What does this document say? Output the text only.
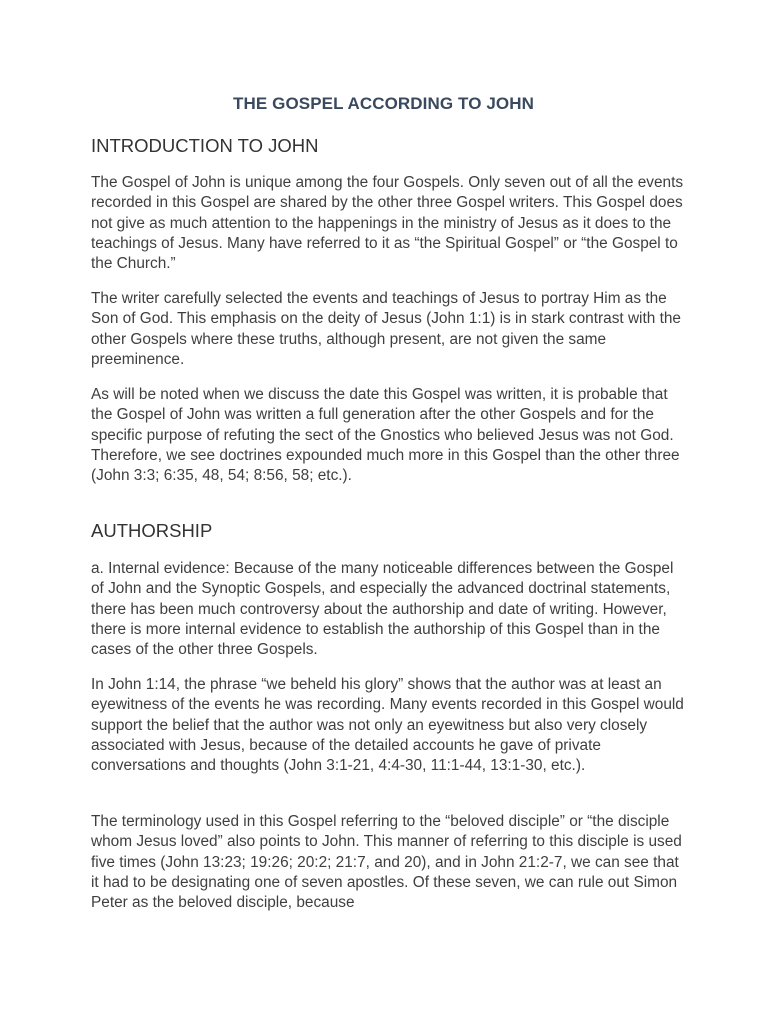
THE GOSPEL ACCORDING TO JOHN
INTRODUCTION TO JOHN

The Gospel of John is unique among the four Gospels. Only seven out of all the events recorded in this Gospel are shared by the other three Gospel writers. This Gospel does not give as much attention to the happenings in the ministry of Jesus as it does to the teachings of Jesus. Many have referred to it as “the Spiritual Gospel” or “the Gospel to the Church.”

The writer carefully selected the events and teachings of Jesus to portray Him as the Son of God. This emphasis on the deity of Jesus (John 1:1) is in stark contrast with the other Gospels where these truths, although present, are not given the same preeminence.

As will be noted when we discuss the date this Gospel was written, it is probable that the Gospel of John was written a full generation after the other Gospels and for the specific purpose of refuting the sect of the Gnostics who believed Jesus was not God. Therefore, we see doctrines expounded much more in this Gospel than the other three (John 3:3; 6:35, 48, 54; 8:56, 58; etc.).

AUTHORSHIP

a. Internal evidence: Because of the many noticeable differences between the Gospel of John and the Synoptic Gospels, and especially the advanced doctrinal statements, there has been much controversy about the authorship and date of writing. However, there is more internal evidence to establish the authorship of this Gospel than in the cases of the other three Gospels.

In John 1:14, the phrase “we beheld his glory” shows that the author was at least an eyewitness of the events he was recording. Many events recorded in this Gospel would support the belief that the author was not only an eyewitness but also very closely associated with Jesus, because of the detailed accounts he gave of private conversations and thoughts (John 3:1-21, 4:4-30, 11:1-44, 13:1-30, etc.).

The terminology used in this Gospel referring to the “beloved disciple” or “the disciple whom Jesus loved” also points to John. This manner of referring to this disciple is used five times (John 13:23; 19:26; 20:2; 21:7, and 20), and in John 21:2-7, we can see that it had to be designating one of seven apostles. Of these seven, we can rule out Simon Peter as the beloved disciple, because
